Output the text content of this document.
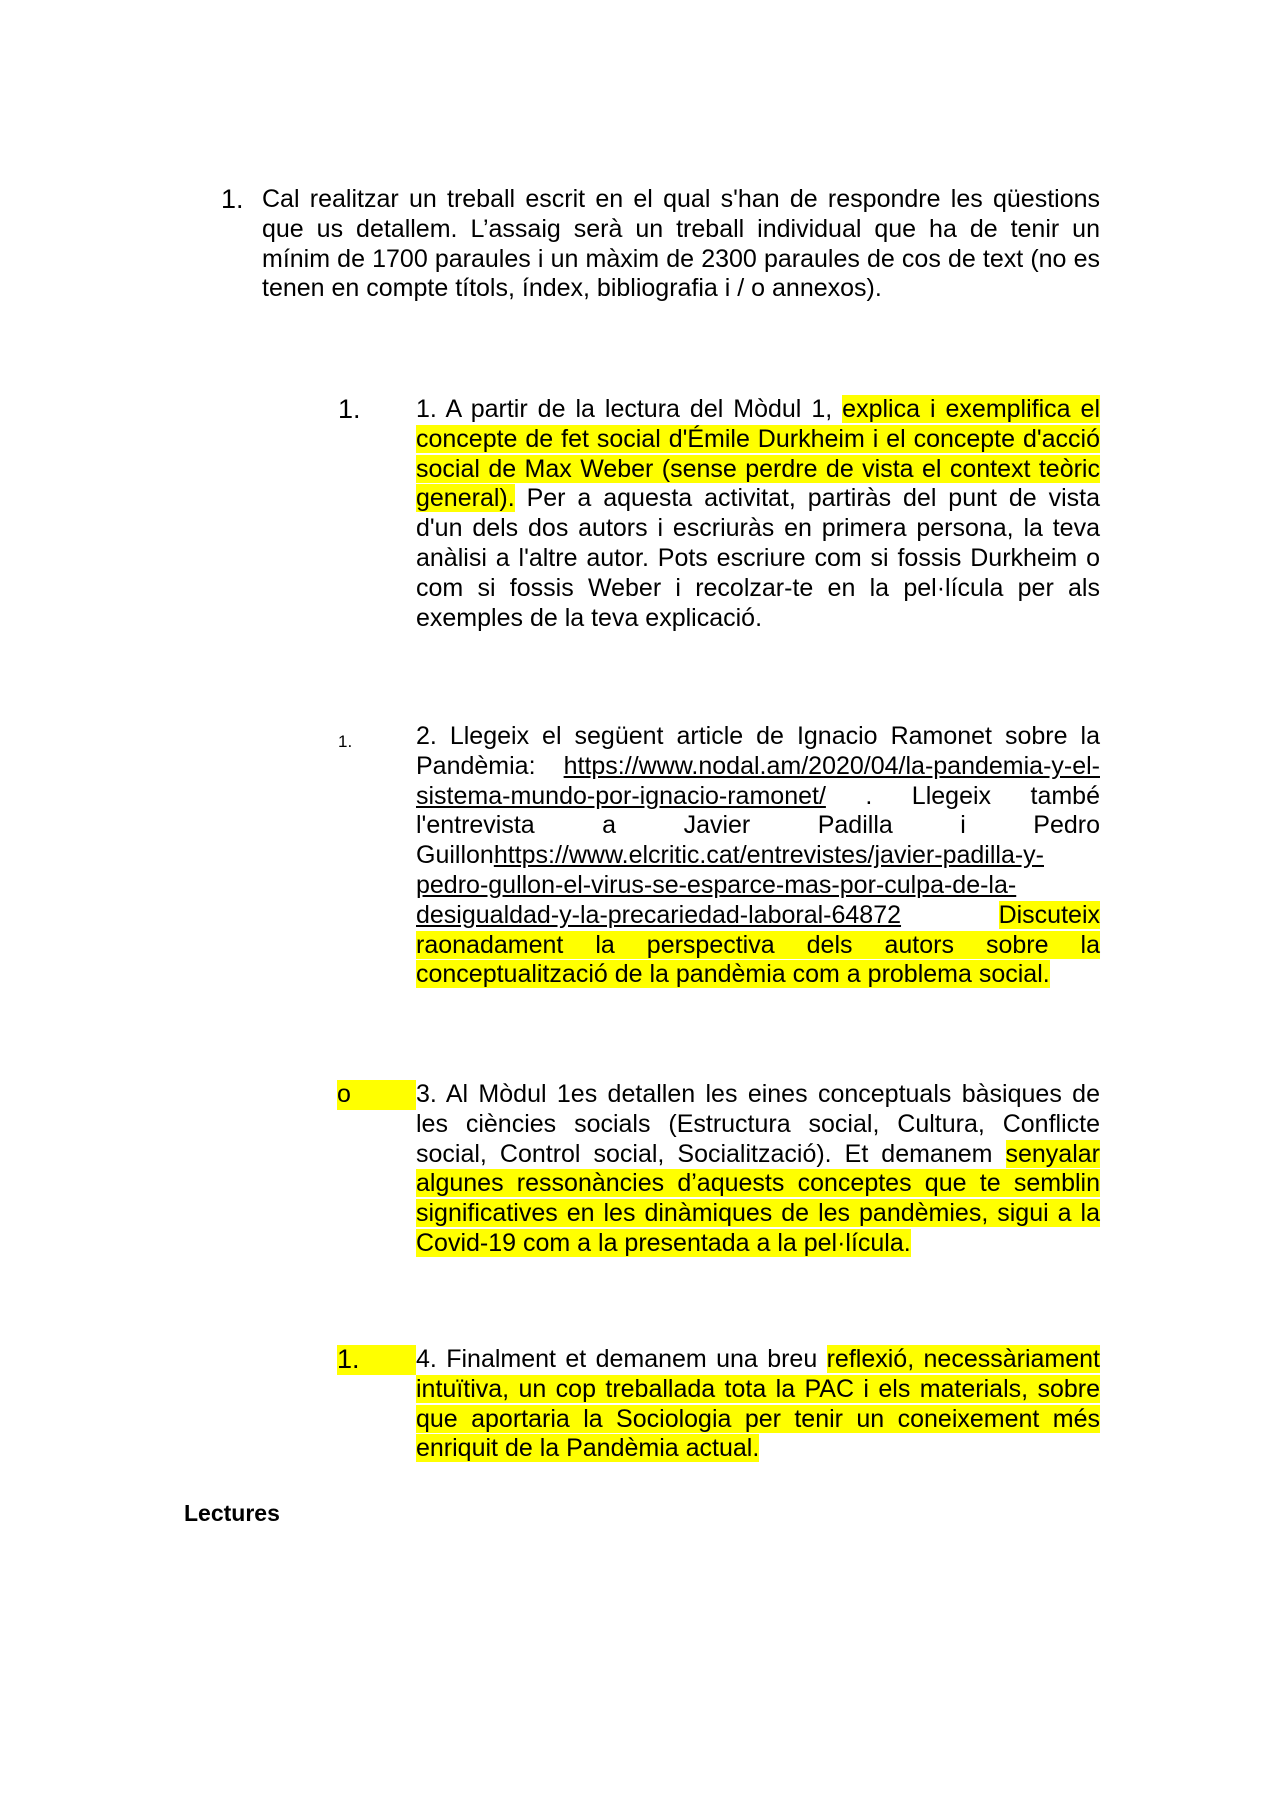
1. Cal realitzar un treball escrit en el qual s'han de respondre les qüestions que us detallem. L’assaig serà un treball individual que ha de tenir un mínim de 1700 paraules i un màxim de 2300 paraules de cos de text (no es tenen en compte títols, índex, bibliografia i / o annexos).
1. 1. A partir de la lectura del Mòdul 1, explica i exemplifica el concepte de fet social d'Émile Durkheim i el concepte d'acció social de Max Weber (sense perdre de vista el context teòric general). Per a aquesta activitat, partiràs del punt de vista d'un dels dos autors i escriuràs en primera persona, la teva anàlisi a l'altre autor. Pots escriure com si fossis Durkheim o com si fossis Weber i recolzar-te en la pel·lícula per als exemples de la teva explicació.
1.	2. Llegeix el següent article de Ignacio Ramonet sobre la Pandèmia: https://www.nodal.am/2020/04/la-pandemia-y-el-sistema-mundo-por-ignacio-ramonet/ . Llegeix també l'entrevista a Javier Padilla i Pedro Guillonhttps://www.elcritic.cat/entrevistes/javier-padilla-y-pedro-gullon-el-virus-se-esparce-mas-por-culpa-de-la-desigualdad-y-la-precariedad-laboral-64872	Discuteix raonadament la perspectiva dels autors sobre la conceptualització de la pandèmia com a problema social.
o	3. Al Mòdul 1es detallen les eines conceptuals bàsiques de les ciències socials (Estructura social, Cultura, Conflicte social, Control social, Socialització). Et demanem senyalar algunes ressonàncies d’aquests conceptes que te semblin significatives en les dinàmiques de les pandèmies, sigui a la Covid-19 com a la presentada a la pel·lícula.
1.	4. Finalment et demanem una breu reflexió, necessàriament intuïtiva, un cop treballada tota la PAC i els materials, sobre que aportaria la Sociologia per tenir un coneixement més enriquit de la Pandèmia actual.
Lectures
